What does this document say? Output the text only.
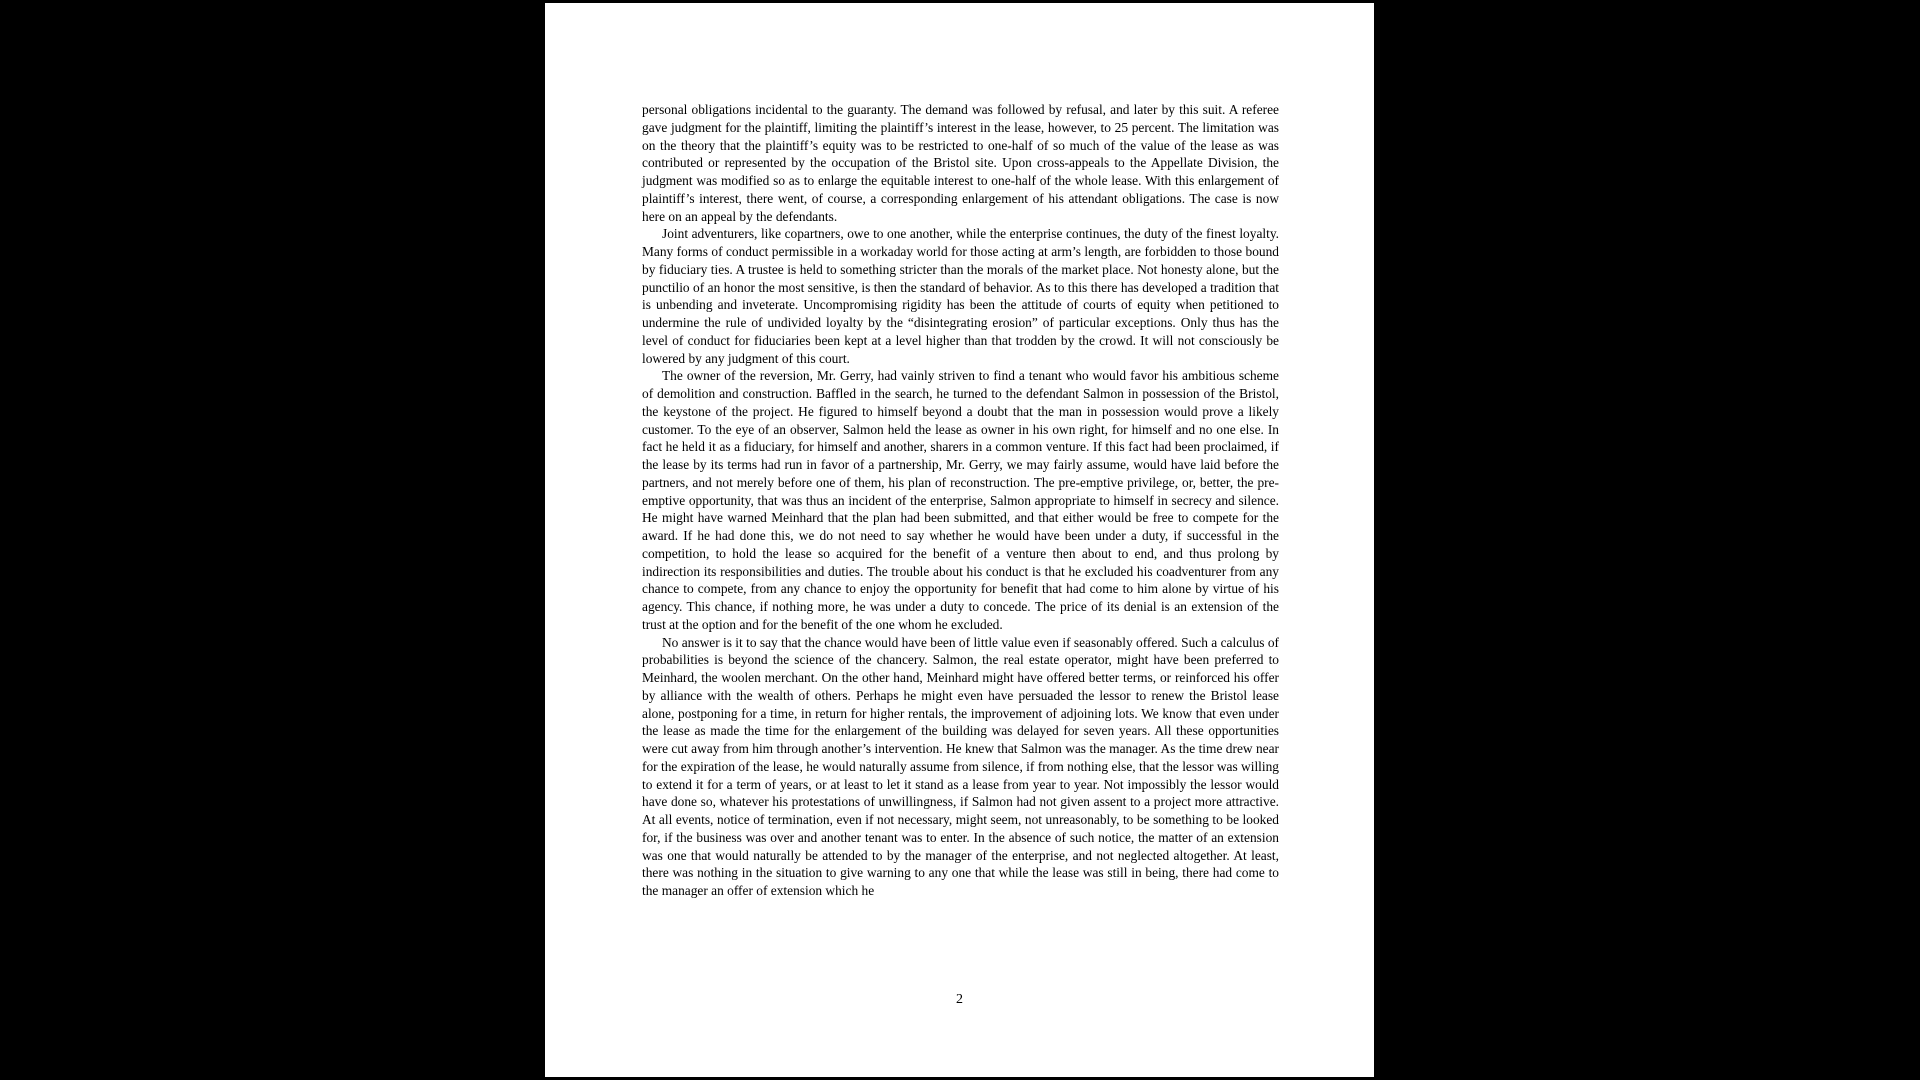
personal obligations incidental to the guaranty. The demand was followed by refusal, and later by this suit. A referee gave judgment for the plaintiff, limiting the plaintiff’s interest in the lease, however, to 25 percent. The limitation was on the theory that the plaintiff’s equity was to be restricted to one-half of so much of the value of the lease as was contributed or represented by the occupation of the Bristol site. Upon cross-appeals to the Appellate Division, the judgment was modified so as to enlarge the equitable interest to one-half of the whole lease. With this enlargement of plaintiff’s interest, there went, of course, a corresponding enlargement of his attendant obligations. The case is now here on an appeal by the defendants.

Joint adventurers, like copartners, owe to one another, while the enterprise continues, the duty of the finest loyalty. Many forms of conduct permissible in a workaday world for those acting at arm’s length, are forbidden to those bound by fiduciary ties. A trustee is held to something stricter than the morals of the market place. Not honesty alone, but the punctilio of an honor the most sensitive, is then the standard of behavior. As to this there has developed a tradition that is unbending and inveterate. Uncompromising rigidity has been the attitude of courts of equity when petitioned to undermine the rule of undivided loyalty by the “disintegrating erosion” of particular exceptions. Only thus has the level of conduct for fiduciaries been kept at a level higher than that trodden by the crowd. It will not consciously be lowered by any judgment of this court.

The owner of the reversion, Mr. Gerry, had vainly striven to find a tenant who would favor his ambitious scheme of demolition and construction. Baffled in the search, he turned to the defendant Salmon in possession of the Bristol, the keystone of the project. He figured to himself beyond a doubt that the man in possession would prove a likely customer. To the eye of an observer, Salmon held the lease as owner in his own right, for himself and no one else. In fact he held it as a fiduciary, for himself and another, sharers in a common venture. If this fact had been proclaimed, if the lease by its terms had run in favor of a partnership, Mr. Gerry, we may fairly assume, would have laid before the partners, and not merely before one of them, his plan of reconstruction. The pre-emptive privilege, or, better, the pre-emptive opportunity, that was thus an incident of the enterprise, Salmon appropriate to himself in secrecy and silence. He might have warned Meinhard that the plan had been submitted, and that either would be free to compete for the award. If he had done this, we do not need to say whether he would have been under a duty, if successful in the competition, to hold the lease so acquired for the benefit of a venture then about to end, and thus prolong by indirection its responsibilities and duties. The trouble about his conduct is that he excluded his coadventurer from any chance to compete, from any chance to enjoy the opportunity for benefit that had come to him alone by virtue of his agency. This chance, if nothing more, he was under a duty to concede. The price of its denial is an extension of the trust at the option and for the benefit of the one whom he excluded.

No answer is it to say that the chance would have been of little value even if seasonably offered. Such a calculus of probabilities is beyond the science of the chancery. Salmon, the real estate operator, might have been preferred to Meinhard, the woolen merchant. On the other hand, Meinhard might have offered better terms, or reinforced his offer by alliance with the wealth of others. Perhaps he might even have persuaded the lessor to renew the Bristol lease alone, postponing for a time, in return for higher rentals, the improvement of adjoining lots. We know that even under the lease as made the time for the enlargement of the building was delayed for seven years. All these opportunities were cut away from him through another’s intervention. He knew that Salmon was the manager. As the time drew near for the expiration of the lease, he would naturally assume from silence, if from nothing else, that the lessor was willing to extend it for a term of years, or at least to let it stand as a lease from year to year. Not impossibly the lessor would have done so, whatever his protestations of unwillingness, if Salmon had not given assent to a project more attractive. At all events, notice of termination, even if not necessary, might seem, not unreasonably, to be something to be looked for, if the business was over and another tenant was to enter. In the absence of such notice, the matter of an extension was one that would naturally be attended to by the manager of the enterprise, and not neglected altogether. At least, there was nothing in the situation to give warning to any one that while the lease was still in being, there had come to the manager an offer of extension which he

2
